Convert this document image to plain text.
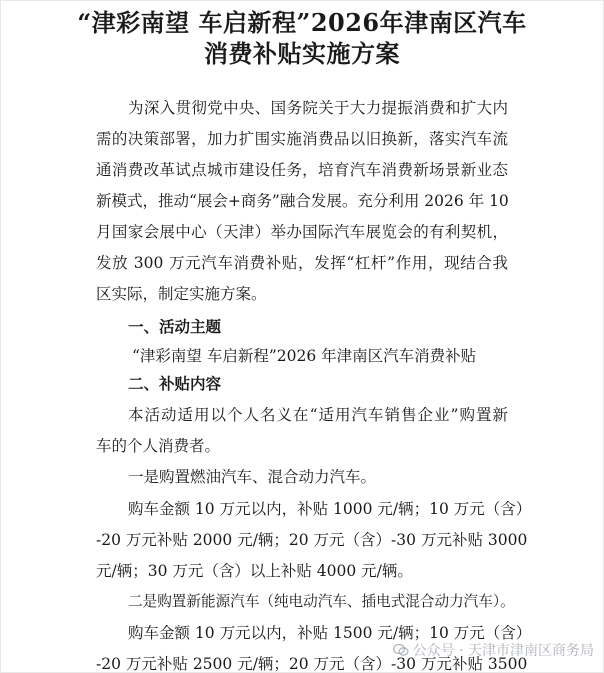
“津彩南望 车启新程”2026年津南区汽车
消费补贴实施方案
为深入贯彻党中央、国务院关于大力提振消费和扩大内
需的决策部署，加力扩围实施消费品以旧换新，落实汽车流
通消费改革试点城市建设任务，培育汽车消费新场景新业态
新模式，推动“展会+商务”融合发展。充分利用 2026 年 10
月国家会展中心（天津）举办国际汽车展览会的有利契机，
发放 300 万元汽车消费补贴，发挥“杠杆”作用，现结合我
区实际，制定实施方案。
一、活动主题
“津彩南望 车启新程”2026 年津南区汽车消费补贴
二、补贴内容
本活动适用以个人名义在“适用汽车销售企业”购置新
车的个人消费者。
一是购置燃油汽车、混合动力汽车。
购车金额 10 万元以内，补贴 1000 元/辆；10 万元（含）
-20 万元补贴 2000 元/辆；20 万元（含）-30 万元补贴 3000
元/辆；30 万元（含）以上补贴 4000 元/辆。
二是购置新能源汽车（纯电动汽车、插电式混合动力汽车）。
购车金额 10 万元以内，补贴 1500 元/辆；10 万元（含）
-20 万元补贴 2500 元/辆；20 万元（含）-30 万元补贴 3500
公众号 · 天津市津南区商务局
